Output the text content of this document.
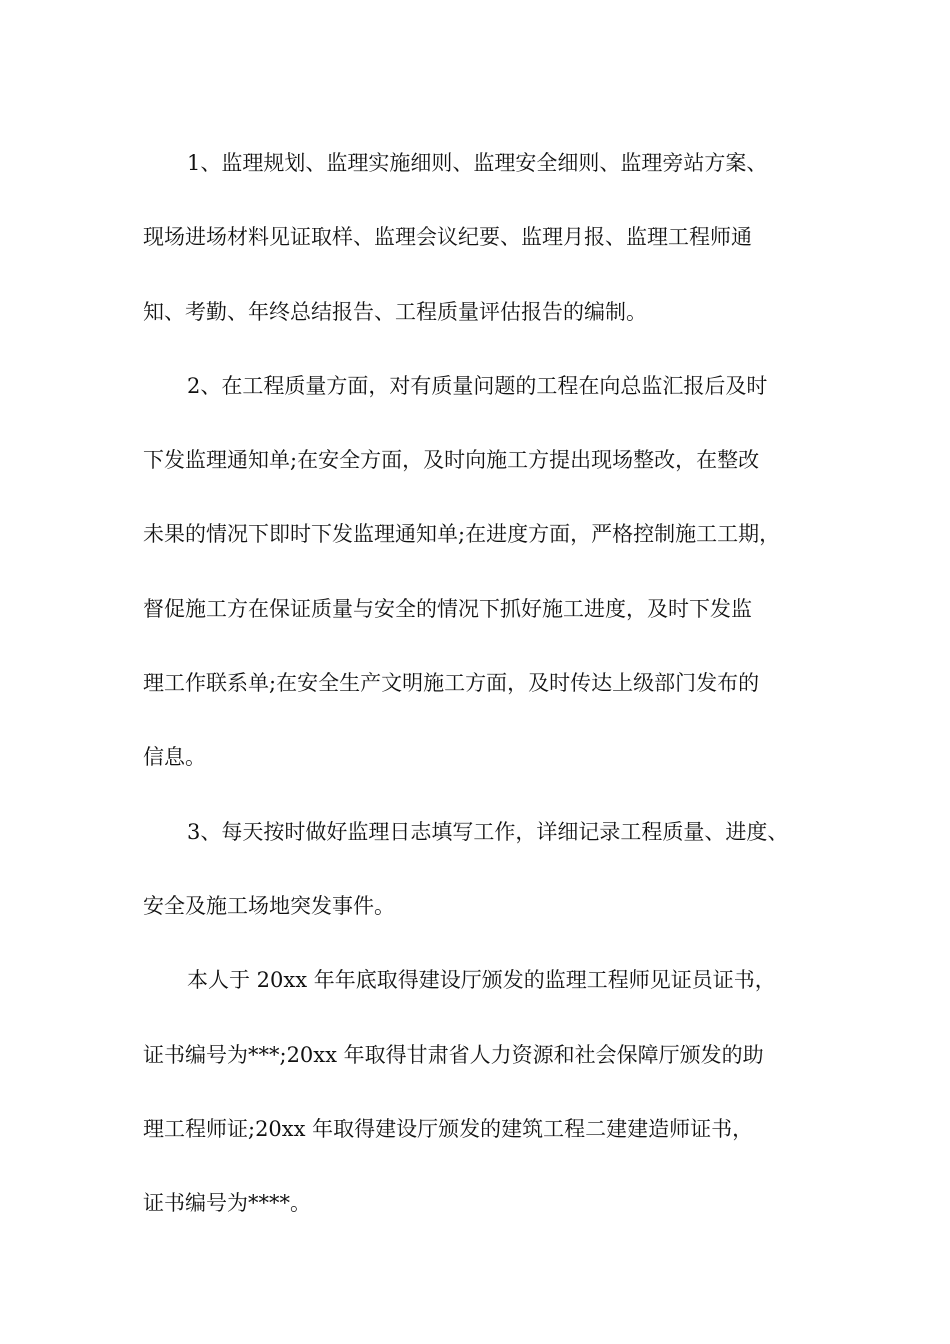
1、监理规划、监理实施细则、监理安全细则、监理旁站方案、
现场进场材料见证取样、监理会议纪要、监理月报、监理工程师通
知、考勤、年终总结报告、工程质量评估报告的编制。
2、在工程质量方面，对有质量问题的工程在向总监汇报后及时
下发监理通知单;在安全方面，及时向施工方提出现场整改，在整改
未果的情况下即时下发监理通知单;在进度方面，严格控制施工工期，
督促施工方在保证质量与安全的情况下抓好施工进度，及时下发监
理工作联系单;在安全生产文明施工方面，及时传达上级部门发布的
信息。
3、每天按时做好监理日志填写工作，详细记录工程质量、进度、
安全及施工场地突发事件。
本人于 20xx 年年底取得建设厅颁发的监理工程师见证员证书，
证书编号为***;20xx 年取得甘肃省人力资源和社会保障厅颁发的助
理工程师证;20xx 年取得建设厅颁发的建筑工程二建建造师证书，
证书编号为****。
